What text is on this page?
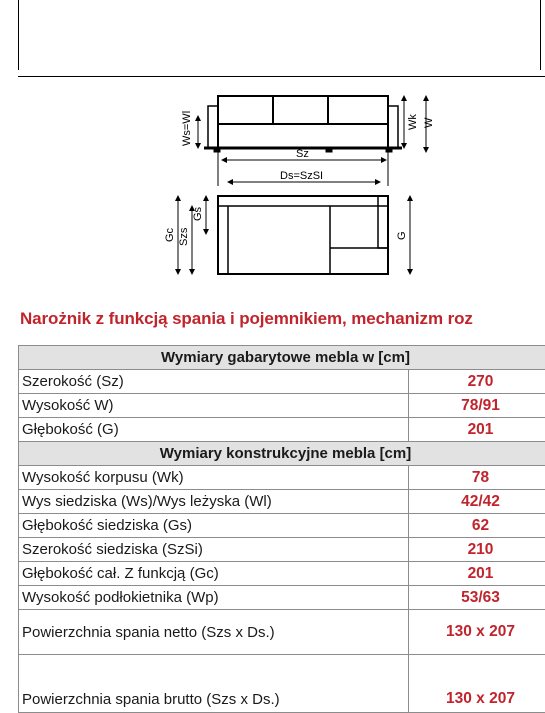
Ws=Wl	Wk
Sz
Ds=SzSI
Gc Szs
Gs
G
W
Narożnik z funkcją spania i pojemnikiem, mechanizm roz
Wymiary gabarytowe mebla w [cm]	
Szerokość (Sz)	270
Wysokość W)	78/91
Głębokość (G)	201
Wymiary konstrukcyjne mebla [cm]	
Wysokość korpusu (Wk)	78
Wys siedziska (Ws)/Wys leżyska (Wl)	42/42
Głębokość siedziska (Gs)	62
Szerokość siedziska (SzSi)	210
Głębokość cał. Z funkcją (Gc)	201
Wysokość podłokietnika (Wp)	53/63
Powierzchnia spania netto (Szs x Ds.)	130 x 207
Powierzchnia spania brutto (Szs x Ds.)	130 x 207
